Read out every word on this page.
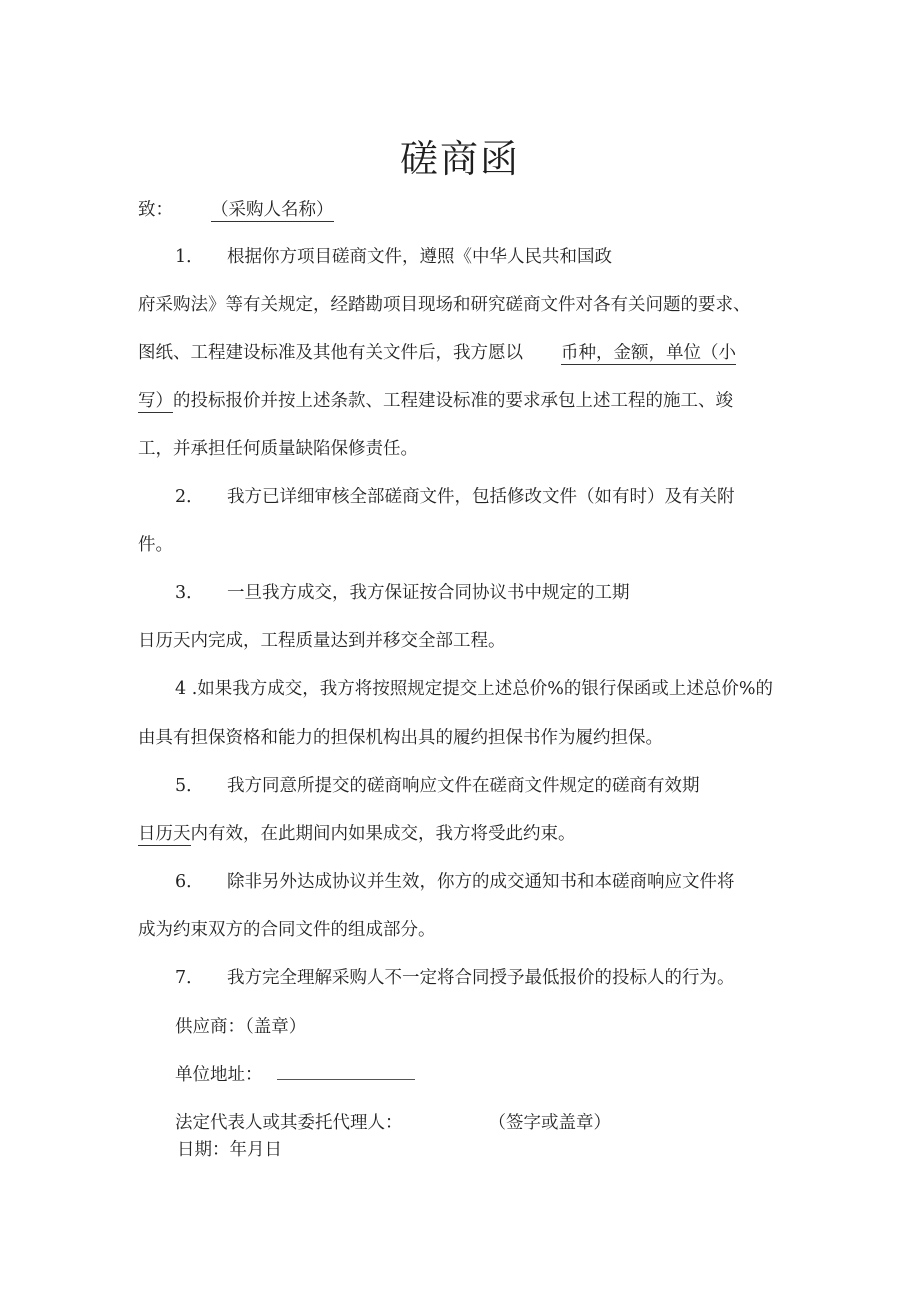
磋商函
致： （采购人名称）
1． 根据你方项目磋商文件，遵照《中华人民共和国政
府采购法》等有关规定，经踏勘项目现场和研究磋商文件对各有关问题的要求、
图纸、工程建设标准及其他有关文件后，我方愿以 币种，金额，单位（小
写）的投标报价并按上述条款、工程建设标准的要求承包上述工程的施工、竣
工，并承担任何质量缺陷保修责任。
2． 我方已详细审核全部磋商文件，包括修改文件（如有时）及有关附
件。
3． 一旦我方成交，我方保证按合同协议书中规定的工期
日历天内完成，工程质量达到并移交全部工程。
4 .如果我方成交，我方将按照规定提交上述总价%的银行保函或上述总价%的
由具有担保资格和能力的担保机构出具的履约担保书作为履约担保。
5． 我方同意所提交的磋商响应文件在磋商文件规定的磋商有效期
日历天内有效，在此期间内如果成交，我方将受此约束。
6． 除非另外达成协议并生效，你方的成交通知书和本磋商响应文件将
成为约束双方的合同文件的组成部分。
7． 我方完全理解采购人不一定将合同授予最低报价的投标人的行为。
供应商：（盖章）
单位地址：
法定代表人或其委托代理人：	（签字或盖章）
日期：年月日
